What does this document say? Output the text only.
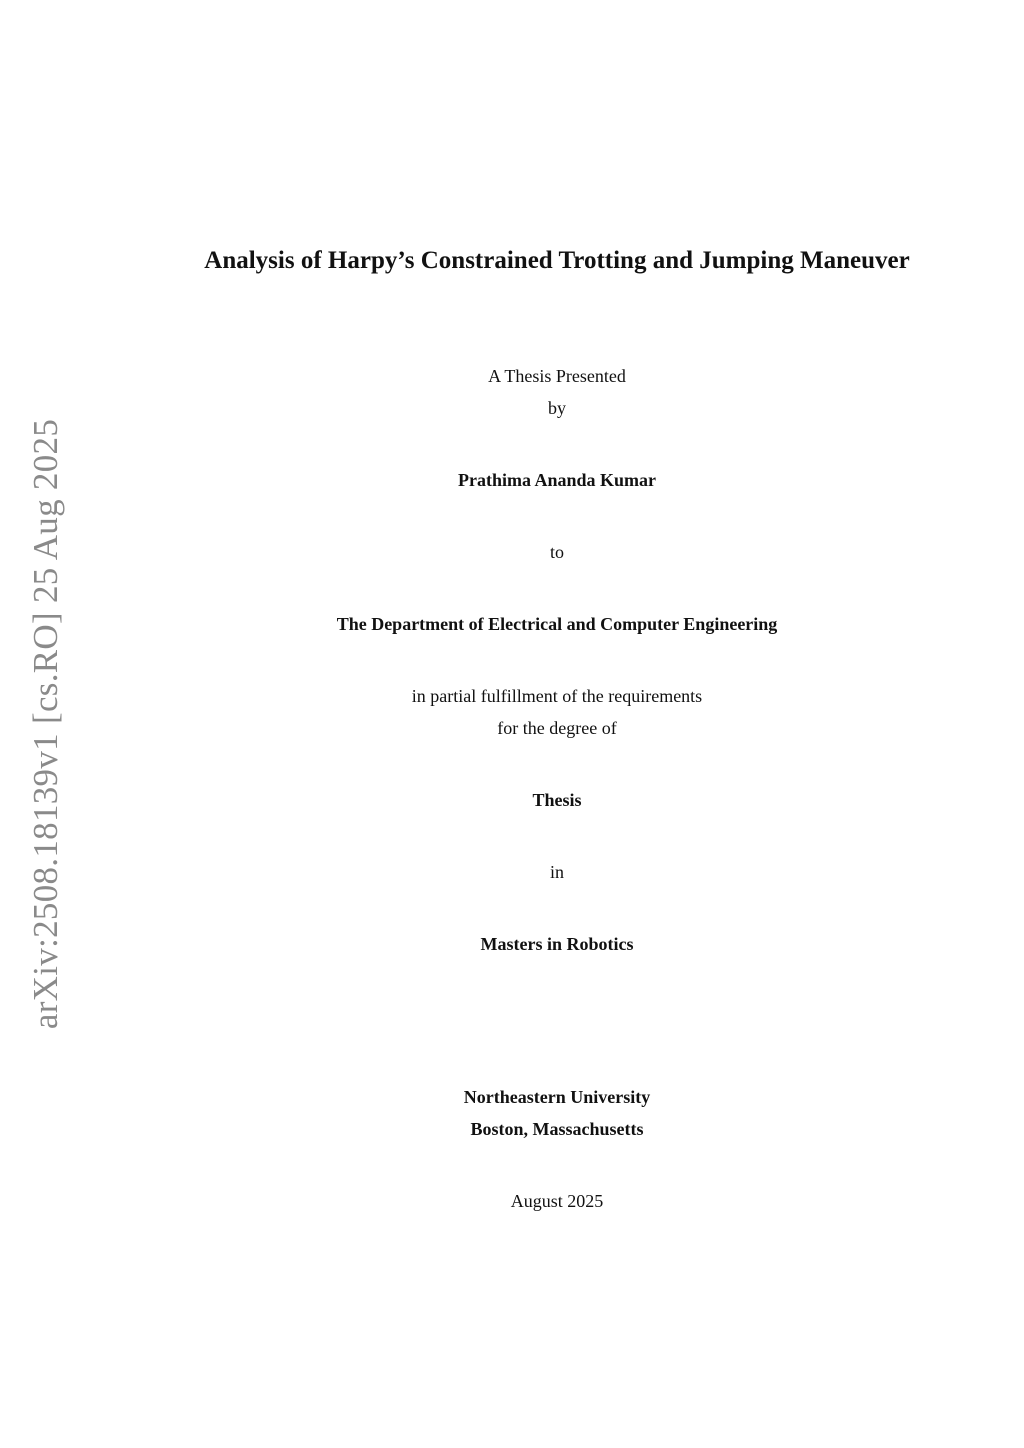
arXiv:2508.18139v1 [cs.RO] 25 Aug 2025
Analysis of Harpy’s Constrained Trotting and Jumping Maneuver
A Thesis Presented
by
Prathima Ananda Kumar
to
The Department of Electrical and Computer Engineering
in partial fulfillment of the requirements
for the degree of
Thesis
in
Masters in Robotics
Northeastern University
Boston, Massachusetts
August 2025
